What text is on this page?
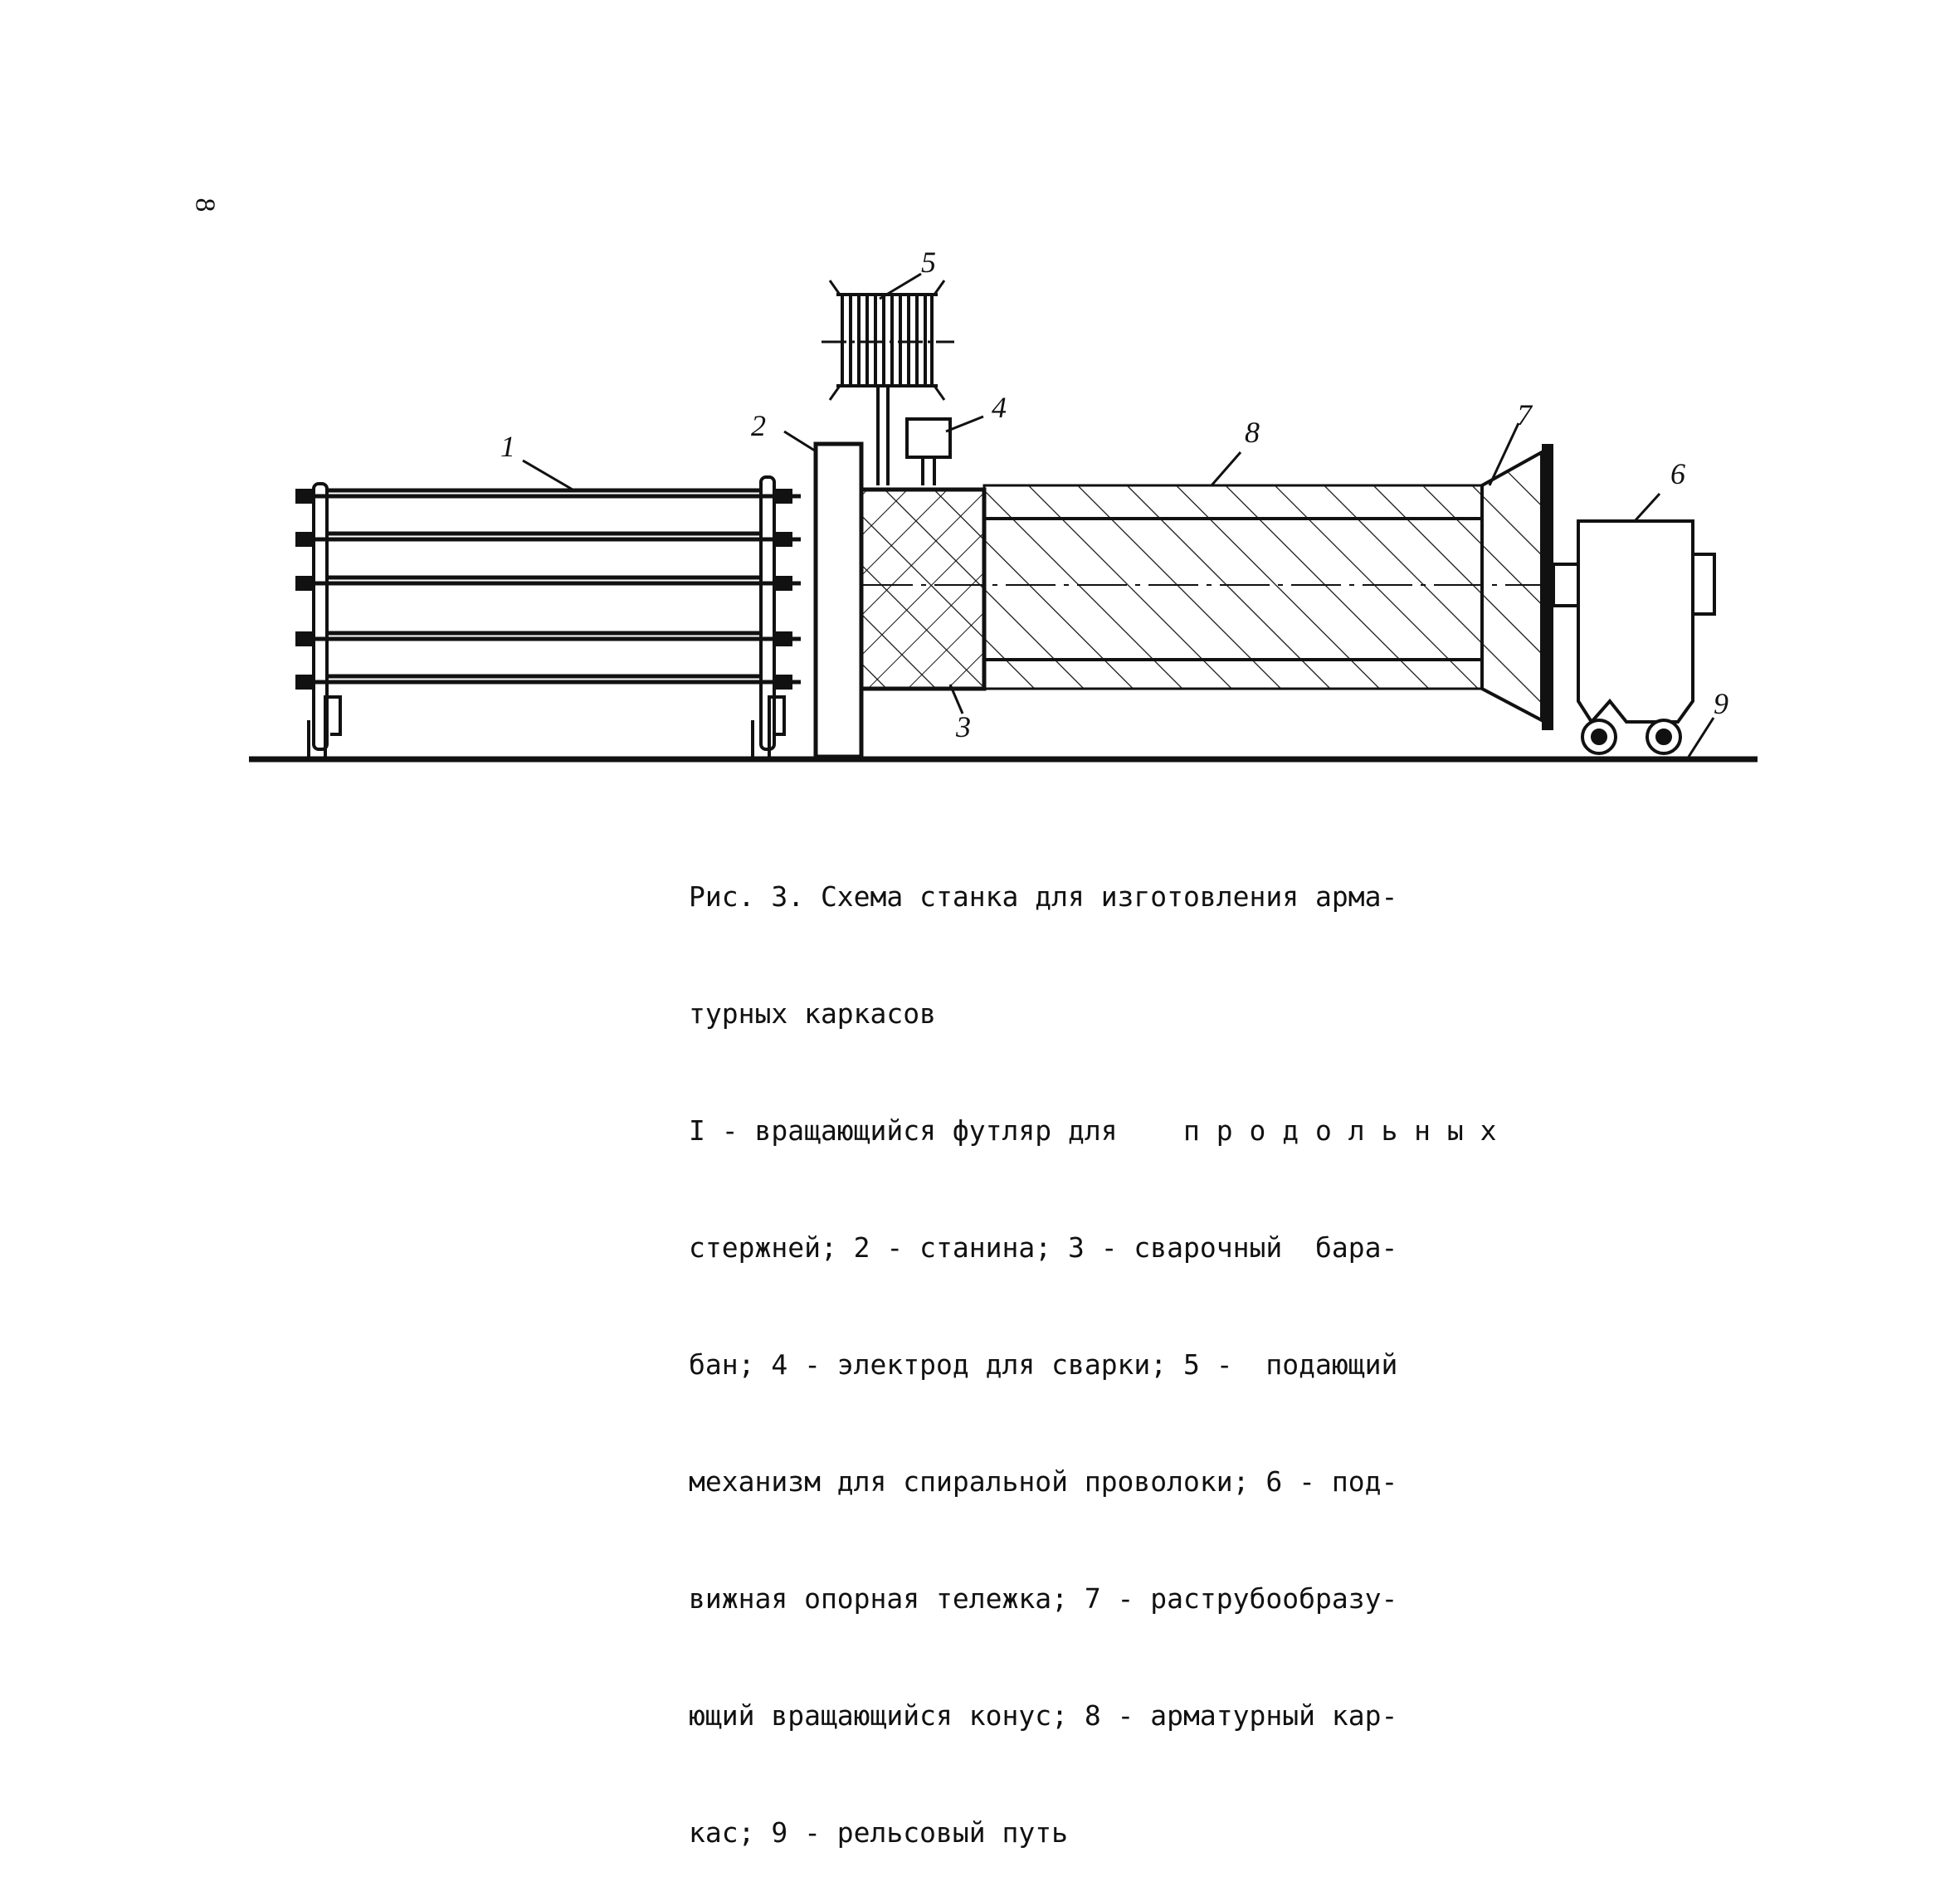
8
1
2
3
4
5
6
7
8
9

Рис. 3. Схема станка для изготовления арма-

турных каркасов

I - вращающийся футляр для    п р о д о л ь н ы х

стержней; 2 - станина; 3 - сварочный  бара-

бан; 4 - электрод для сварки; 5 -  подающий

механизм для спиральной проволоки; 6 - под-

вижная опорная тележка; 7 - раструбообразу-

ющий вращающийся конус; 8 - арматурный кар-

кас; 9 - рельсовый путь
